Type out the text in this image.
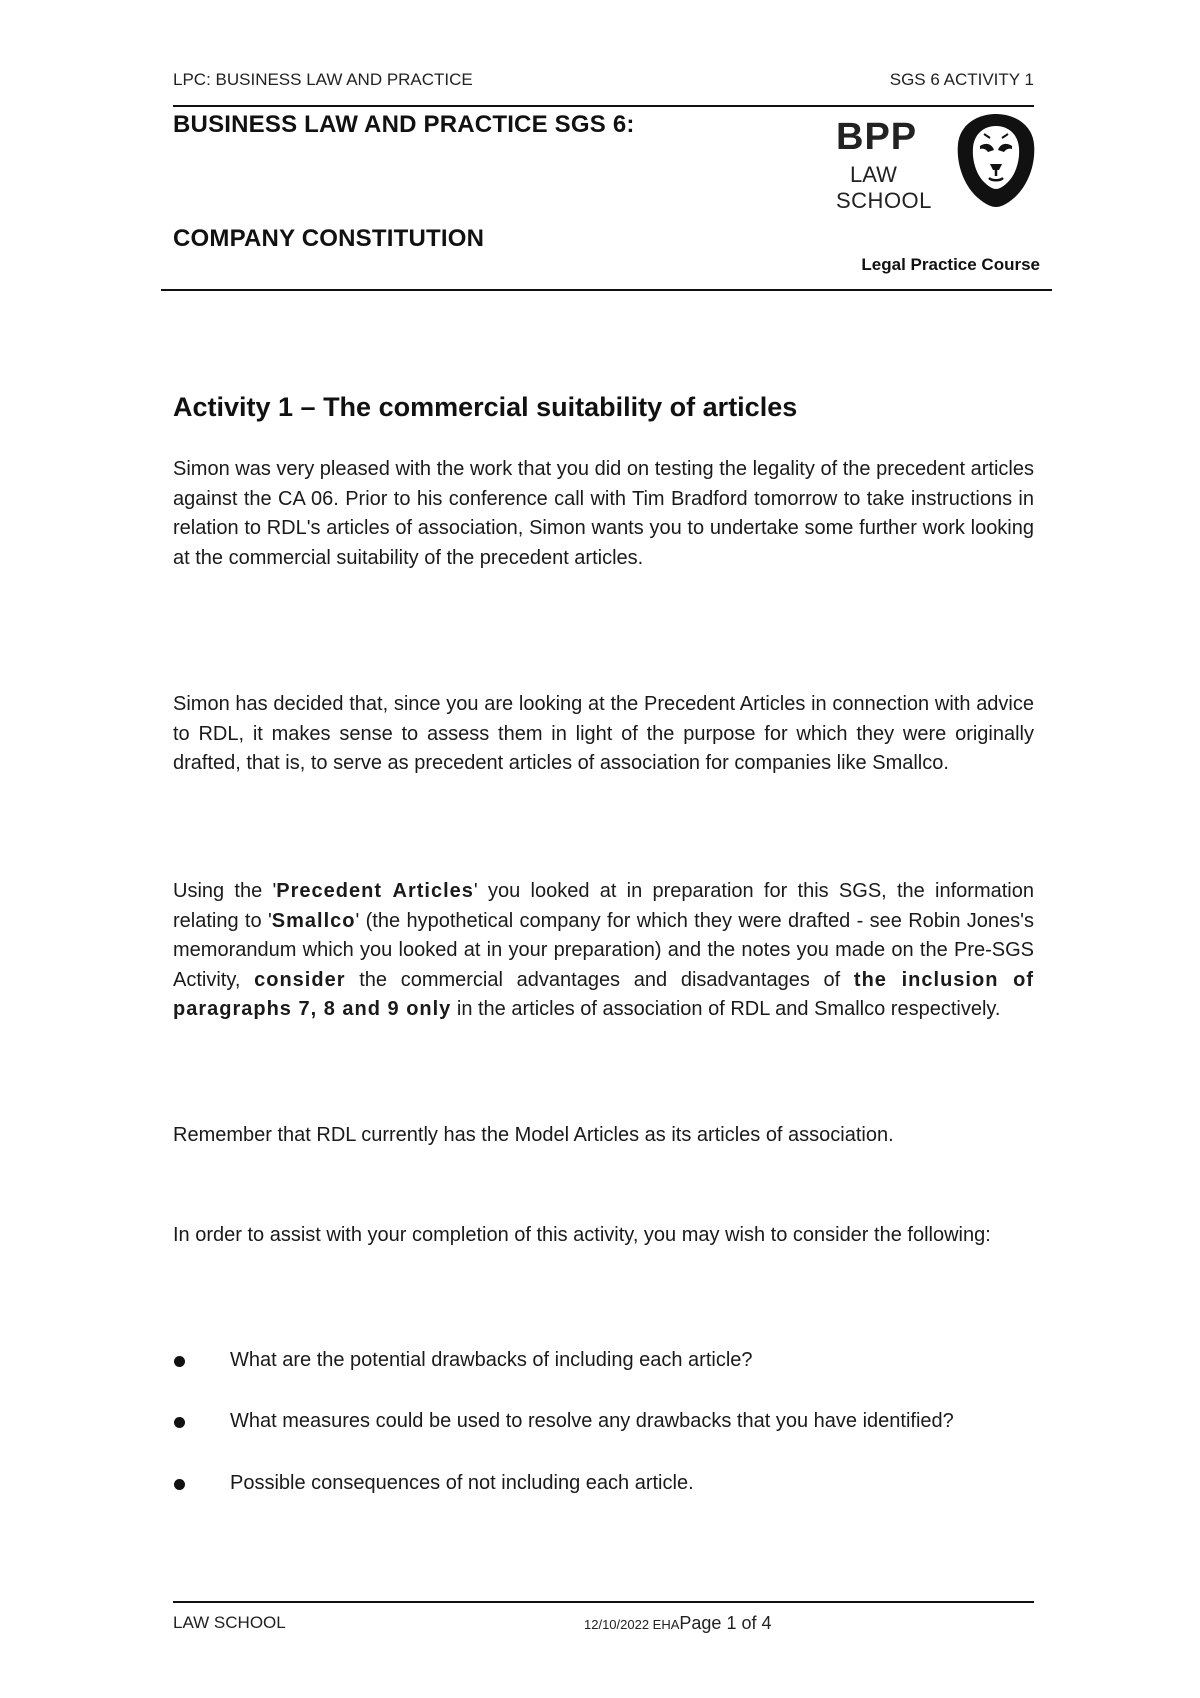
LPC: BUSINESS LAW AND PRACTICE	SGS 6 ACTIVITY 1
BUSINESS LAW AND PRACTICE SGS 6:
COMPANY CONSTITUTION
BPP
LAW
SCHOOL
Legal Practice Course
Activity 1 – The commercial suitability of articles

Simon was very pleased with the work that you did on testing the legality of the precedent articles against the CA 06. Prior to his conference call with Tim Bradford tomorrow to take instructions in relation to RDL's articles of association, Simon wants you to undertake some further work looking at the commercial suitability of the precedent articles.

Simon has decided that, since you are looking at the Precedent Articles in connection with advice to RDL, it makes sense to assess them in light of the purpose for which they were originally drafted, that is, to serve as precedent articles of association for companies like Smallco.

Using the 'Precedent Articles' you looked at in preparation for this SGS, the information relating to 'Smallco' (the hypothetical company for which they were drafted - see Robin Jones's memorandum which you looked at in your preparation) and the notes you made on the Pre-SGS Activity, consider the commercial advantages and disadvantages of the inclusion of paragraphs 7, 8 and 9 only in the articles of association of RDL and Smallco respectively.

Remember that RDL currently has the Model Articles as its articles of association.

In order to assist with your completion of this activity, you may wish to consider the following:

What are the potential drawbacks of including each article?
What measures could be used to resolve any drawbacks that you have identified?
Possible consequences of not including each article.
LAW SCHOOL	12/10/2022 EHAPage 1 of 4
